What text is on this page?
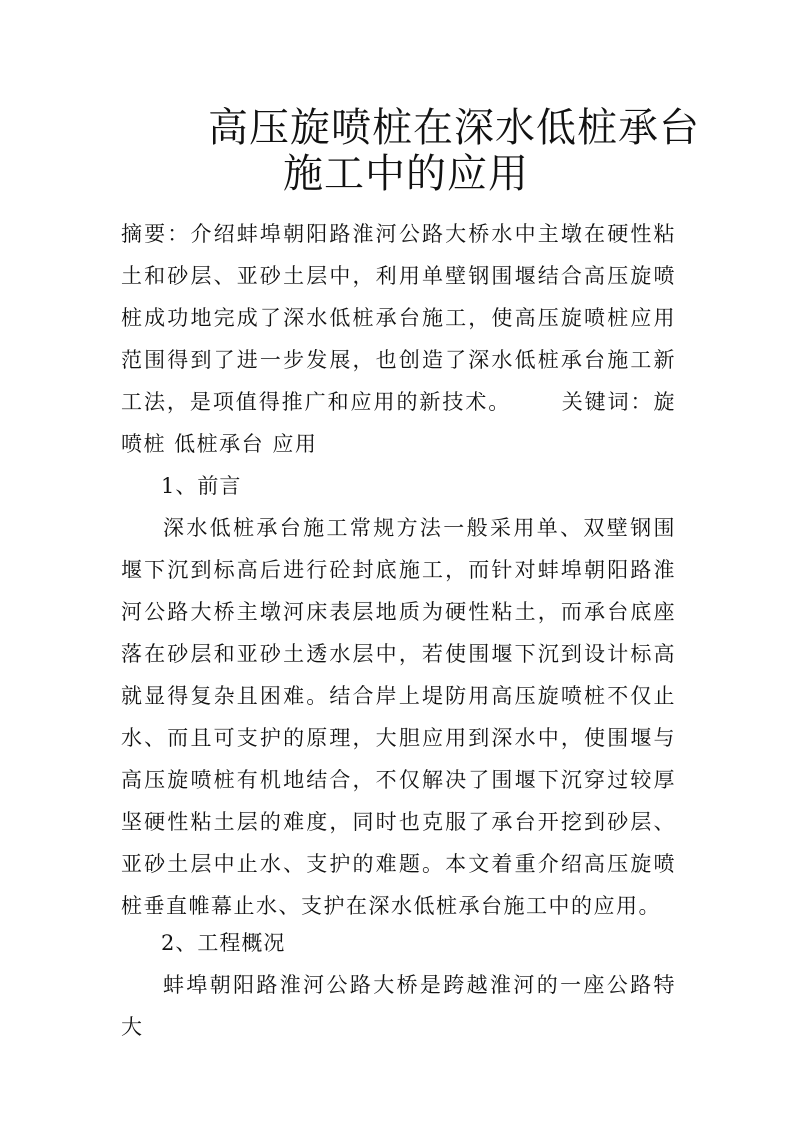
高压旋喷桩在深水低桩承台
施工中的应用
摘要：介绍蚌埠朝阳路淮河公路大桥水中主墩在硬性粘土和砂层、亚砂土层中，利用单壁钢围堰结合高压旋喷桩成功地完成了深水低桩承台施工，使高压旋喷桩应用范围得到了进一步发展，也创造了深水低桩承台施工新工法，是项值得推广和应用的新技术。 关键词：旋喷桩 低桩承台 应用
1、前言
深水低桩承台施工常规方法一般采用单、双壁钢围堰下沉到标高后进行砼封底施工，而针对蚌埠朝阳路淮河公路大桥主墩河床表层地质为硬性粘土，而承台底座落在砂层和亚砂土透水层中，若使围堰下沉到设计标高就显得复杂且困难。结合岸上堤防用高压旋喷桩不仅止水、而且可支护的原理，大胆应用到深水中，使围堰与高压旋喷桩有机地结合，不仅解决了围堰下沉穿过较厚坚硬性粘土层的难度，同时也克服了承台开挖到砂层、亚砂土层中止水、支护的难题。本文着重介绍高压旋喷桩垂直帷幕止水、支护在深水低桩承台施工中的应用。
2、工程概况
蚌埠朝阳路淮河公路大桥是跨越淮河的一座公路特大
